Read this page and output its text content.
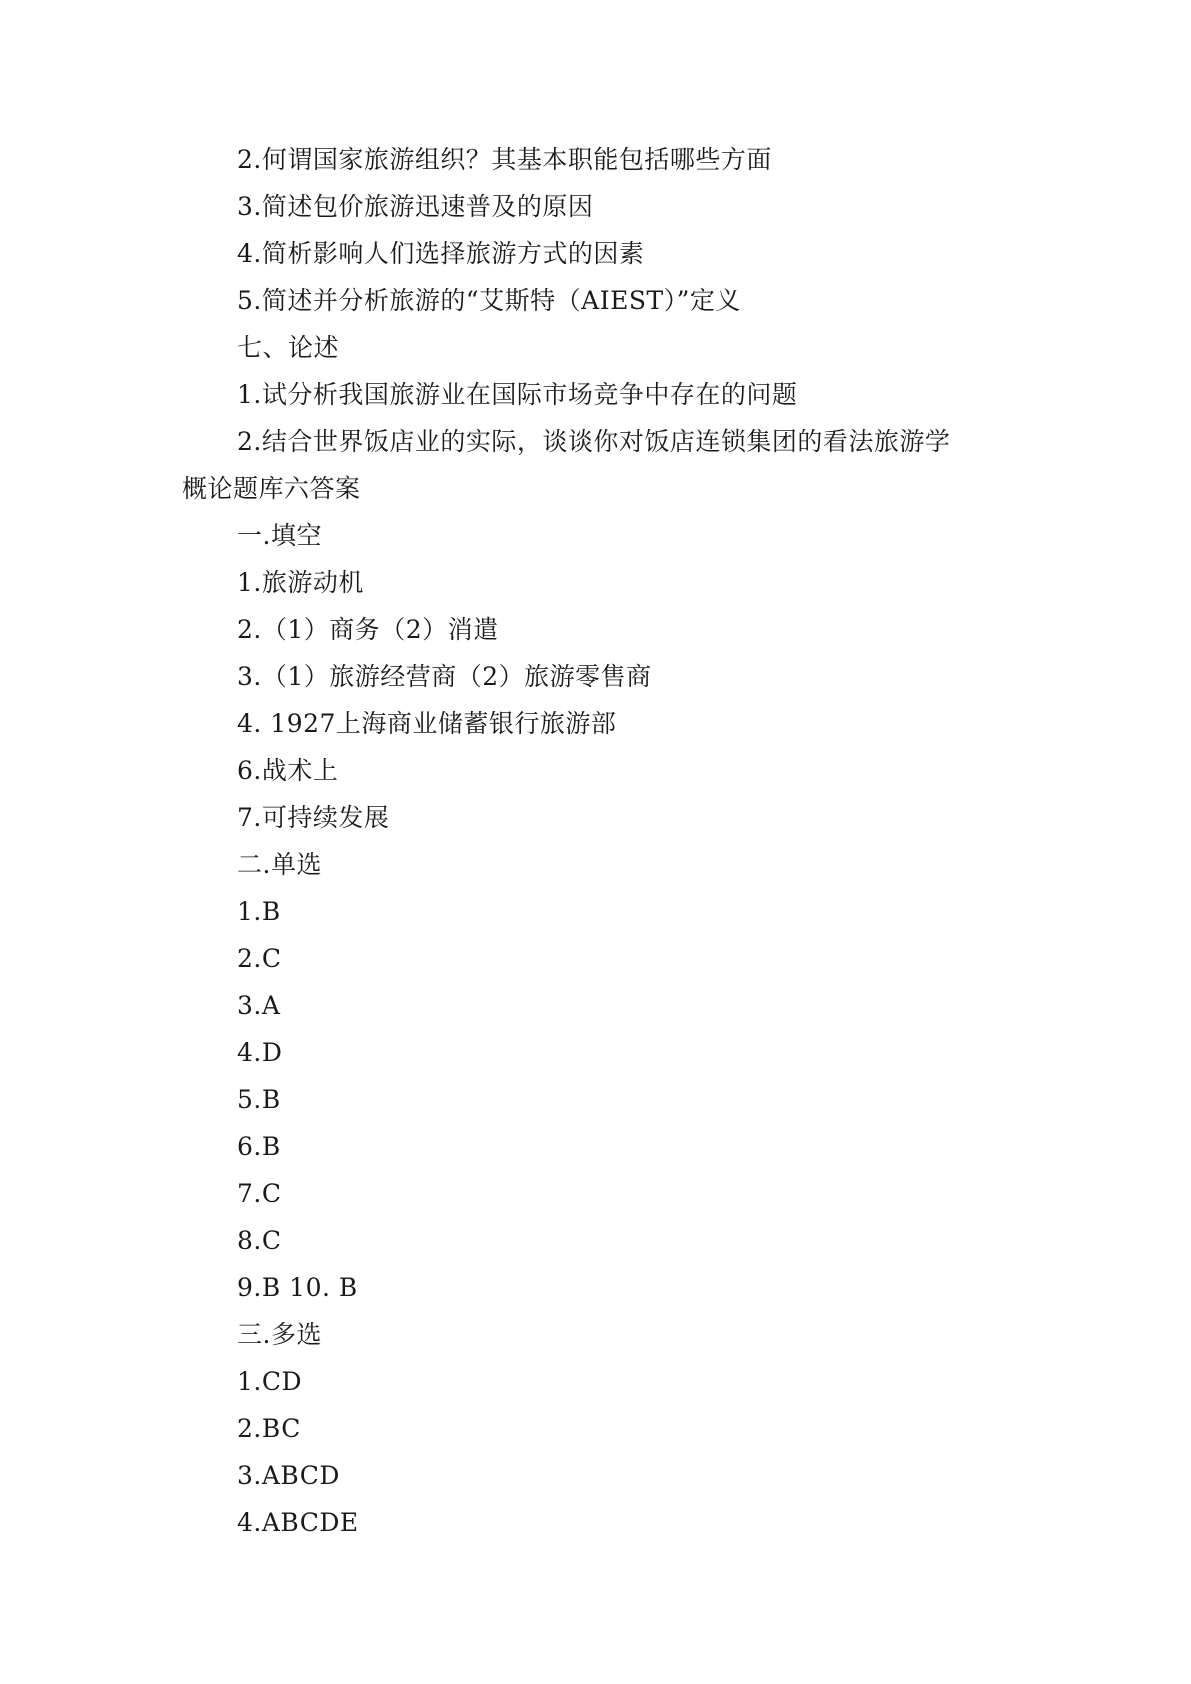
2.何谓国家旅游组织？其基本职能包括哪些方面
3.简述包价旅游迅速普及的原因
4.简析影响人们选择旅游方式的因素
5.简述并分析旅游的“艾斯特（AIEST）”定义
七、论述
1.试分析我国旅游业在国际市场竞争中存在的问题
2.结合世界饭店业的实际，谈谈你对饭店连锁集团的看法旅游学
概论题库六答案
一.填空
1.旅游动机
2.（1）商务（2）消遣
3.（1）旅游经营商（2）旅游零售商
4. 1927上海商业储蓄银行旅游部
6.战术上
7.可持续发展
二.单选
1.B
2.C
3.A
4.D
5.B
6.B
7.C
8.C
9.B 10. B
三.多选
1.CD
2.BC
3.ABCD
4.ABCDE
